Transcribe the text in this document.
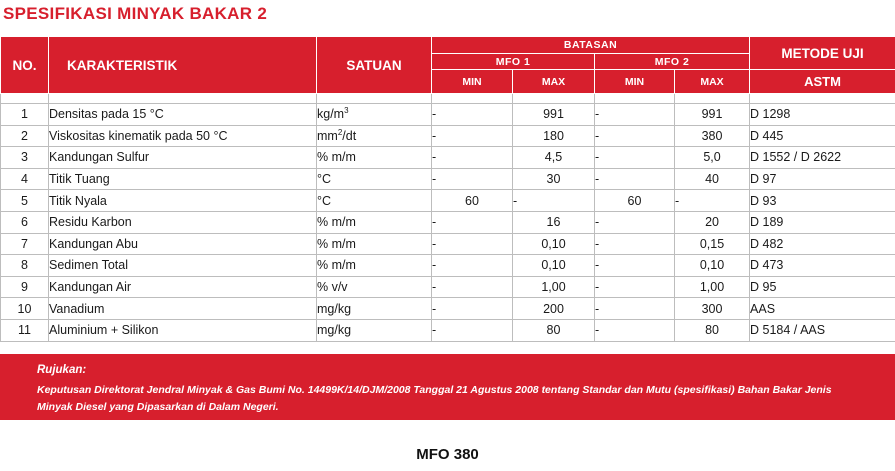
SPESIFIKASI MINYAK BAKAR 2
NO.	KARAKTERISTIK	SATUAN	BATASAN				METODE UJI
			MFO 1		MFO 2		
			MIN	MAX	MIN	MAX	ASTM

1	Densitas pada 15 °C	$kg/m^3$	-	991	-	991	D 1298
2	Viskositas kinematik pada 50 °C	$mm^2/dt$	-	180	-	380	D 445
3	Kandungan Sulfur	% m/m	-	4,5	-	5,0	D 1552 / D 2622
4	Titik Tuang	°C	-	30	-	40	D 97
5	Titik Nyala	°C	60	-	60	-	D 93
6	Residu Karbon	% m/m	-	16	-	20	D 189
7	Kandungan Abu	% m/m	-	0,10	-	0,15	D 482
8	Sedimen Total	% m/m	-	0,10	-	0,10	D 473
9	Kandungan Air	% v/v	-	1,00	-	1,00	D 95
10	Vanadium	mg/kg	-	200	-	300	AAS
11	Aluminium + Silikon	mg/kg	-	80	-	80	D 5184 / AAS
Rujukan:
Keputusan Direktorat Jendral Minyak & Gas Bumi No. 14499K/14/DJM/2008 Tanggal 21 Agustus 2008 tentang Standar dan Mutu (spesifikasi) Bahan Bakar Jenis Minyak Diesel yang Dipasarkan di Dalam Negeri.
MFO 380
